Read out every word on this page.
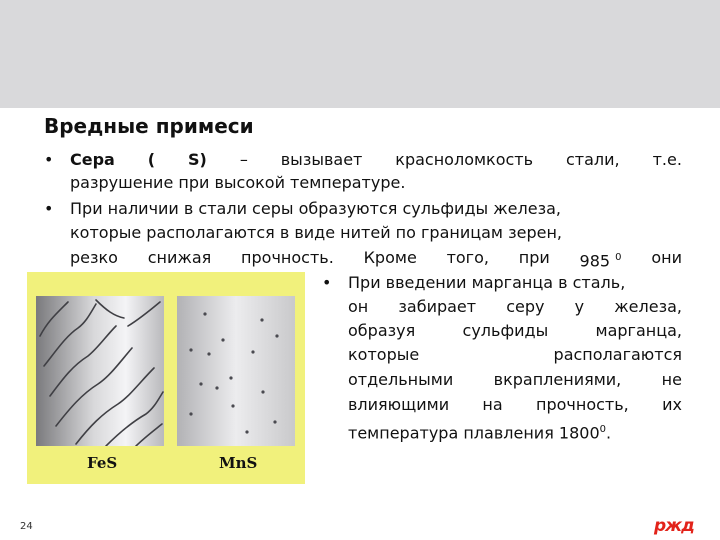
Вредные примеси
• Сера ( S) – вызывает красноломкость стали, т.е.
разрушение при высокой температуре.
• При наличии в стали серы образуются сульфиды железа,
которые располагаются в виде нитей по границам зерен,
резко снижая прочность. Кроме того, при 985 $^0$ они
FeS	MnS
• При введении марганца в сталь,
он забирает серу у железа,
образуя	сульфиды	марганца,
которые	располагаются
отдельными	вкраплениями,	не
влияющими на прочность, их
температура плавления 1800$^0$.
24	ржд
